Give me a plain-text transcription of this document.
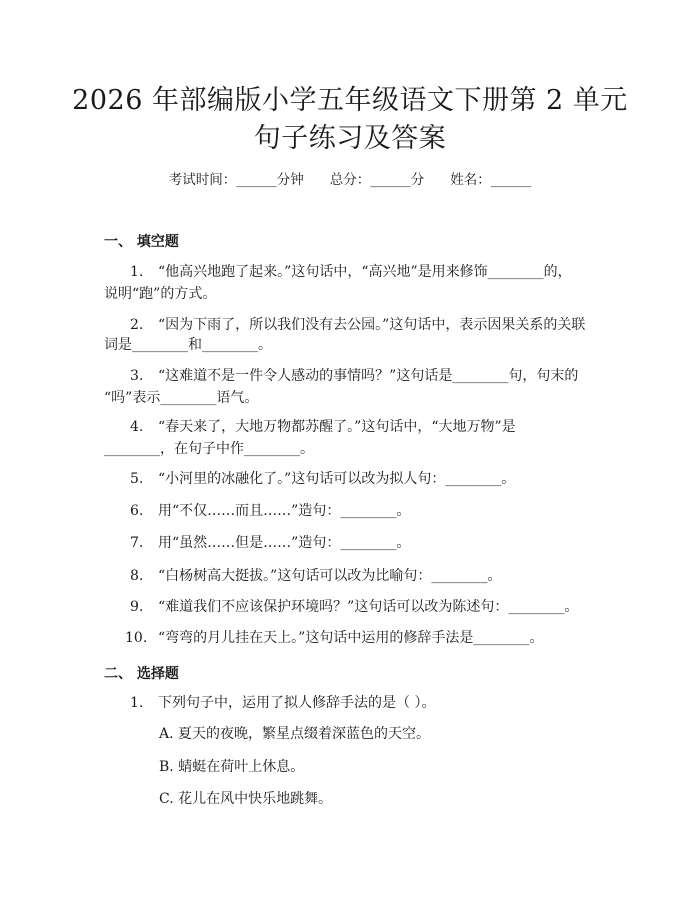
2026 年部编版小学五年级语文下册第 2 单元
句子练习及答案
考试时间：______分钟 总分：______分 姓名：______
一、 填空题
1. “他高兴地跑了起来。”这句话中，“高兴地”是用来修饰________的，
说明“跑”的方式。
2. “因为下雨了，所以我们没有去公园。”这句话中，表示因果关系的关联
词是________和________。
3. “这难道不是一件令人感动的事情吗？”这句话是________句，句末的
“吗”表示________语气。
4. “春天来了，大地万物都苏醒了。”这句话中，“大地万物”是
________，在句子中作________。
5. “小河里的冰融化了。”这句话可以改为拟人句：________。
6. 用“不仅……而且……”造句：________。
7. 用“虽然……但是……”造句：________。
8. “白杨树高大挺拔。”这句话可以改为比喻句：________。
9. “难道我们不应该保护环境吗？”这句话可以改为陈述句：________。
10. “弯弯的月儿挂在天上。”这句话中运用的修辞手法是________。
二、 选择题
1. 下列句子中，运用了拟人修辞手法的是（ ）。
A. 夏天的夜晚，繁星点缀着深蓝色的天空。
B. 蜻蜓在荷叶上休息。
C. 花儿在风中快乐地跳舞。
